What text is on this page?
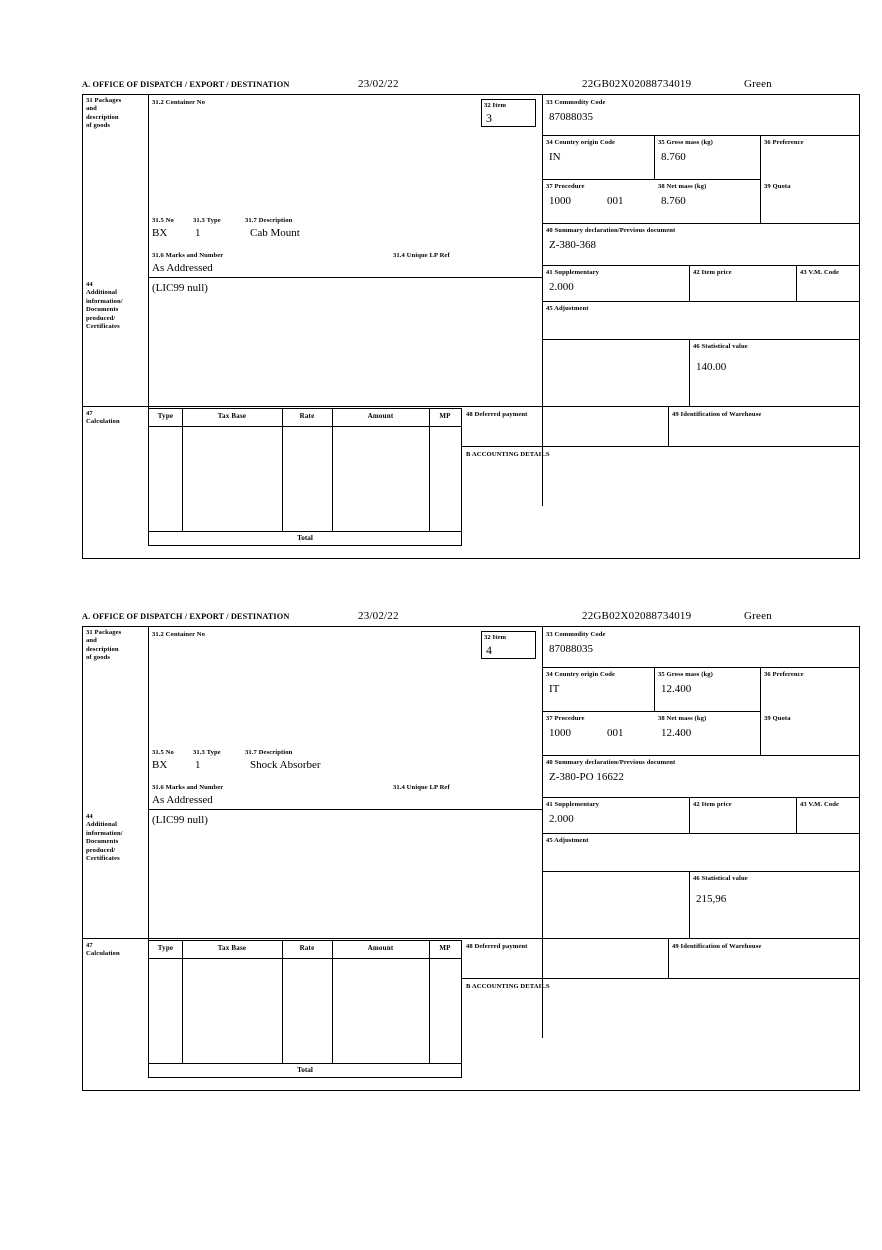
A. OFFICE OF DISPATCH / EXPORT / DESTINATION	23/02/22	22GB02X02088734019	Green
31 Packages
and
description
of goods
31.2 Container No
31.5 No	31.3 Type	31.7 Description
BX	1	Cab Mount
31.6 Marks and Number	31.4 Unique LP Ref
As Addressed
32 Item
3
44
Additional
information/
Documents
produced/
Certificates
(LIC99 null)
33 Commodity Code
87088035
34 Country origin Code
IN
35 Gross mass (kg)
8.760
36 Preference
37 Procedure
1000	001
38 Net mass (kg)
8.760
39 Quota
40 Summary declaration/Previous document
Z-380-368
41 Supplementary
2.000
42 Item price	43 V.M. Code
45 Adjustment
46 Statistical value
140.00
47
Calculation
Type	Tax Base	Rate	Amount	MP
Total
48 Deferred payment	49 Identification of Warehouse
B ACCOUNTING DETAILS
A. OFFICE OF DISPATCH / EXPORT / DESTINATION	23/02/22	22GB02X02088734019	Green
31 Packages
and
description
of goods
31.2 Container No
31.5 No	31.3 Type	31.7 Description
BX	1	Shock Absorber
31.6 Marks and Number	31.4 Unique LP Ref
As Addressed
32 Item
4
44
Additional
information/
Documents
produced/
Certificates
(LIC99 null)
33 Commodity Code
87088035
34 Country origin Code
IT
35 Gross mass (kg)
12.400
36 Preference
37 Procedure
1000	001
38 Net mass (kg)
12.400
39 Quota
40 Summary declaration/Previous document
Z-380-PO 16622
41 Supplementary
2.000
42 Item price	43 V.M. Code
45 Adjustment
46 Statistical value
215,96
47
Calculation
Type	Tax Base	Rate	Amount	MP
Total
48 Deferred payment	49 Identification of Warehouse
B ACCOUNTING DETAILS
